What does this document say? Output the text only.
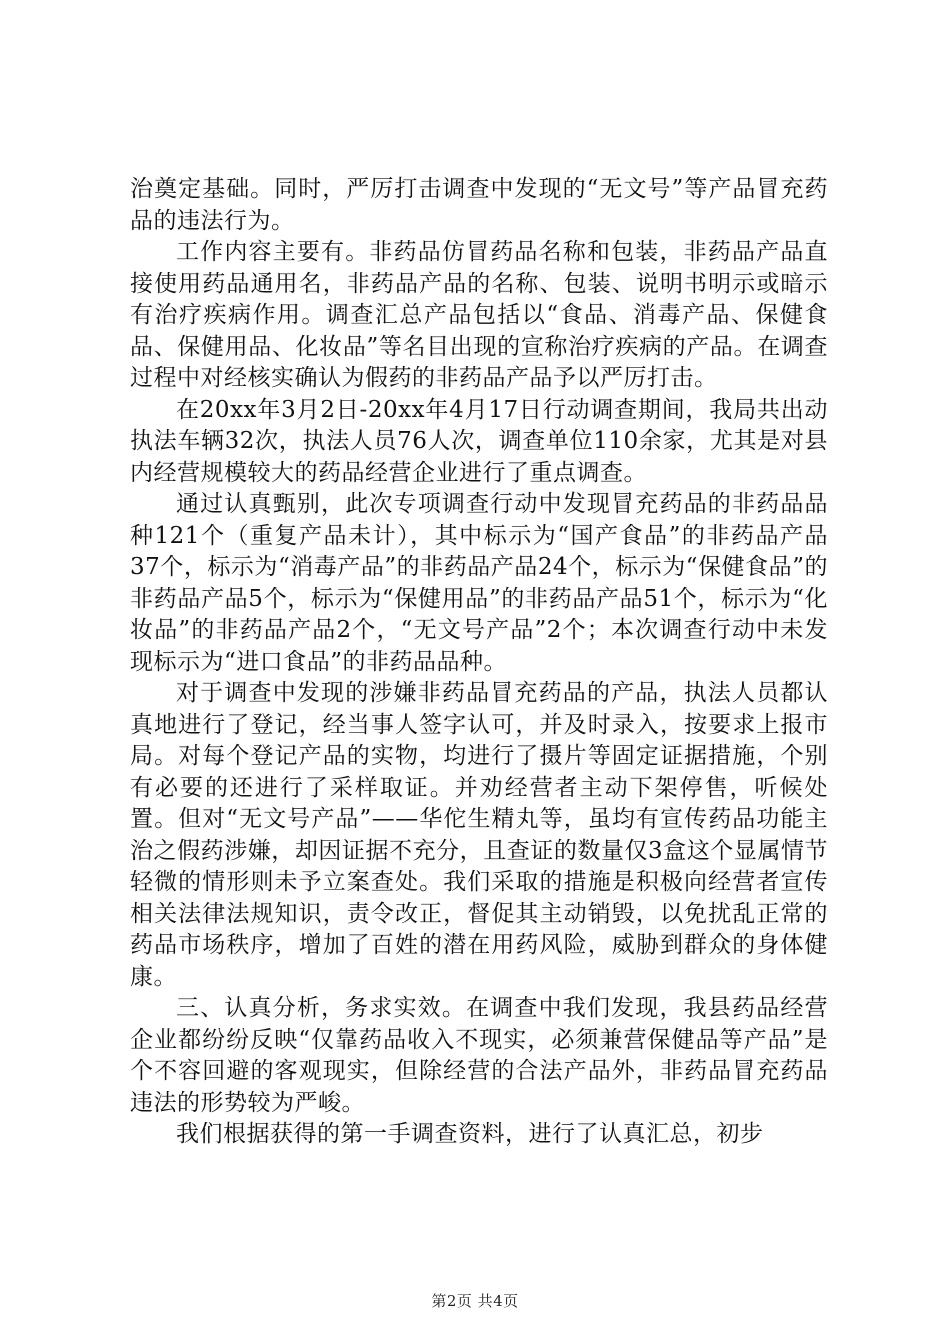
治奠定基础。同时，严厉打击调查中发现的“无文号”等产品冒充药品的违法行为。

工作内容主要有。非药品仿冒药品名称和包装，非药品产品直接使用药品通用名，非药品产品的名称、包装、说明书明示或暗示有治疗疾病作用。调查汇总产品包括以“食品、消毒产品、保健食品、保健用品、化妆品”等名目出现的宣称治疗疾病的产品。在调查过程中对经核实确认为假药的非药品产品予以严厉打击。

在20xx年3月2日-20xx年4月17日行动调查期间，我局共出动执法车辆32次，执法人员76人次，调查单位110余家，尤其是对县内经营规模较大的药品经营企业进行了重点调查。

通过认真甄别，此次专项调查行动中发现冒充药品的非药品品种121个（重复产品未计），其中标示为“国产食品”的非药品产品37个，标示为“消毒产品”的非药品产品24个，标示为“保健食品”的非药品产品5个，标示为“保健用品”的非药品产品51个，标示为“化妆品”的非药品产品2个，“无文号产品”2个；本次调查行动中未发现标示为“进口食品”的非药品品种。

对于调查中发现的涉嫌非药品冒充药品的产品，执法人员都认真地进行了登记，经当事人签字认可，并及时录入，按要求上报市局。对每个登记产品的实物，均进行了摄片等固定证据措施，个别有必要的还进行了采样取证。并劝经营者主动下架停售，听候处置。但对“无文号产品”——华佗生精丸等，虽均有宣传药品功能主治之假药涉嫌，却因证据不充分，且查证的数量仅3盒这个显属情节轻微的情形则未予立案查处。我们采取的措施是积极向经营者宣传相关法律法规知识，责令改正，督促其主动销毁，以免扰乱正常的药品市场秩序，增加了百姓的潜在用药风险，威胁到群众的身体健康。

三、认真分析，务求实效。在调查中我们发现，我县药品经营企业都纷纷反映“仅靠药品收入不现实，必须兼营保健品等产品”是个不容回避的客观现实，但除经营的合法产品外，非药品冒充药品违法的形势较为严峻。

我们根据获得的第一手调查资料，进行了认真汇总，初步

第2页 共4页
